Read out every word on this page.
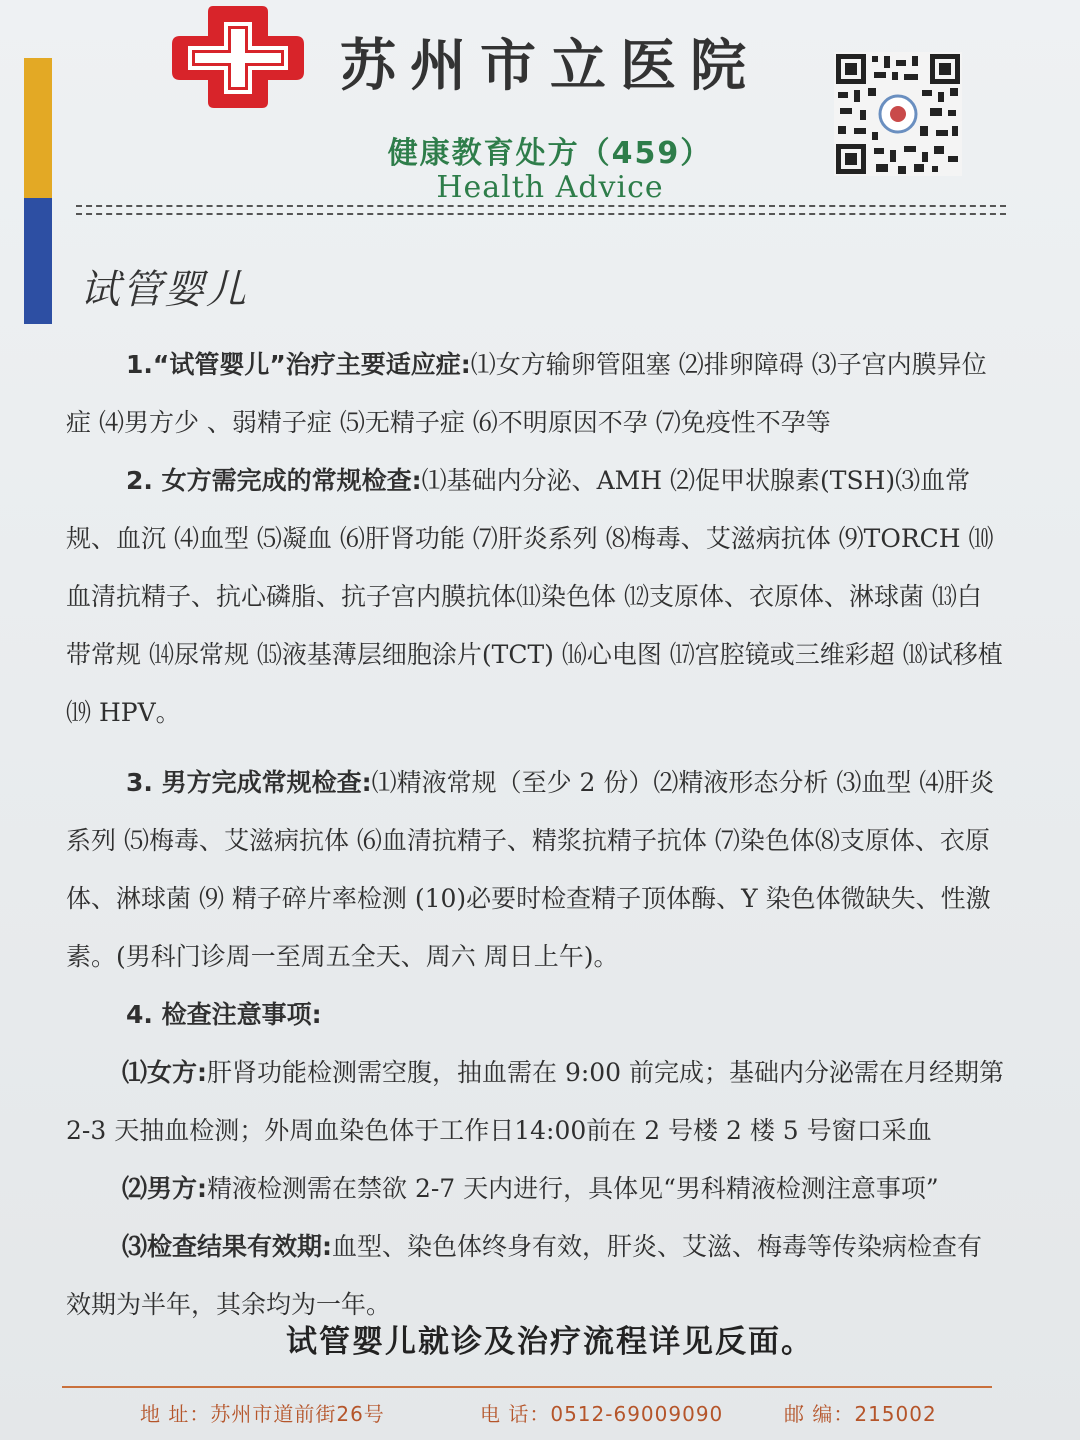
苏州市立医院
健康教育处方（459）
Health Advice
试管婴儿

1.“试管婴儿”治疗主要适应症:⑴女方输卵管阻塞 ⑵排卵障碍 ⑶子宫内膜异位症 ⑷男方少 、弱精子症 ⑸无精子症 ⑹不明原因不孕 ⑺免疫性不孕等

2. 女方需完成的常规检查:⑴基础内分泌、AMH ⑵促甲状腺素(TSH)⑶血常规、血沉 ⑷血型 ⑸凝血 ⑹肝肾功能 ⑺肝炎系列 ⑻梅毒、艾滋病抗体 ⑼TORCH ⑽血清抗精子、抗心磷脂、抗子宫内膜抗体⑾染色体 ⑿支原体、衣原体、淋球菌 ⒀白带常规 ⒁尿常规 ⒂液基薄层细胞涂片(TCT) ⒃心电图 ⒄宫腔镜或三维彩超 ⒅试移植 ⒆ HPV。

3. 男方完成常规检查:⑴精液常规（至少 2 份）⑵精液形态分析 ⑶血型 ⑷肝炎系列 ⑸梅毒、艾滋病抗体 ⑹血清抗精子、精浆抗精子抗体 ⑺染色体⑻支原体、衣原体、淋球菌 ⑼ 精子碎片率检测 (10)必要时检查精子顶体酶、Y 染色体微缺失、性激素。(男科门诊周一至周五全天、周六 周日上午)。

4. 检查注意事项:

⑴女方:肝肾功能检测需空腹，抽血需在 9:00 前完成；基础内分泌需在月经期第 2-3 天抽血检测；外周血染色体于工作日14:00前在 2 号楼 2 楼 5 号窗口采血

⑵男方:精液检测需在禁欲 2-7 天内进行，具体见“男科精液检测注意事项”

⑶检查结果有效期:血型、染色体终身有效，肝炎、艾滋、梅毒等传染病检查有效期为半年，其余均为一年。

试管婴儿就诊及治疗流程详见反面。
地 址：苏州市道前街26号	电 话：0512-69009090	邮 编：215002
